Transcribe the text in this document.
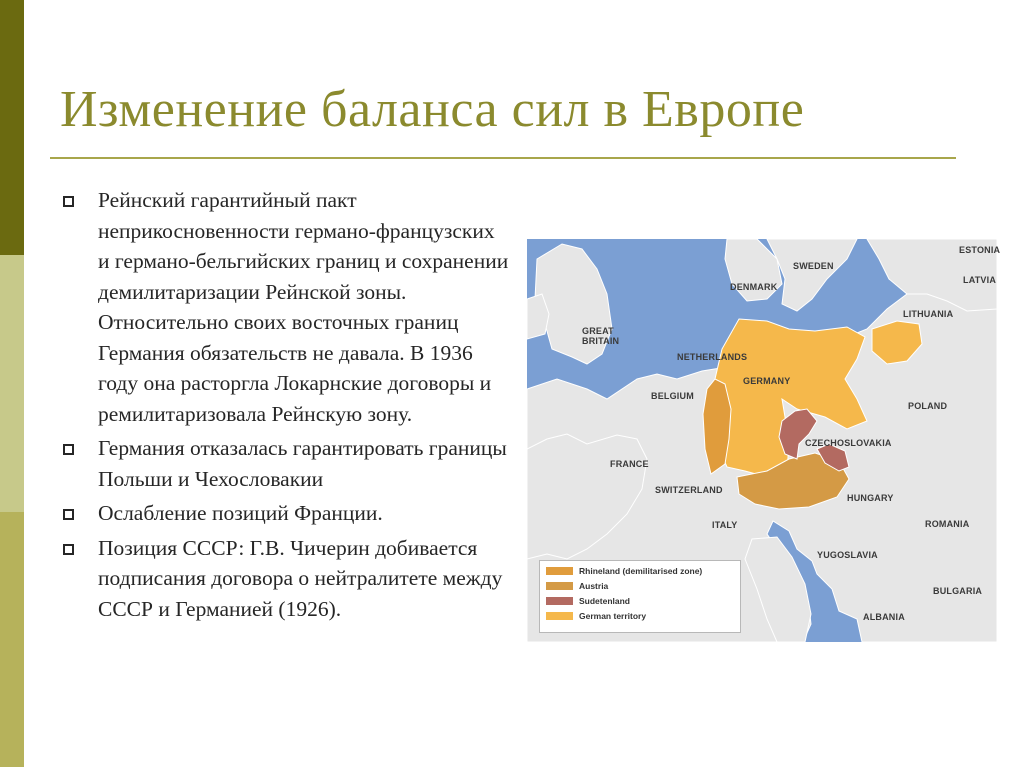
Изменение баланса сил в Европе
Рейнский гарантийный пакт неприкосновенности германо-французских и германо-бельгийских границ и сохранении демилитаризации Рейнской зоны. Относительно своих восточных границ Германия обязательств не давала. В 1936 году она расторгла Локарнские договоры и ремилитаризовала Рейнскую зону.
Германия отказалась гарантировать границы Польши и Чехословакии
Ослабление позиций Франции.
Позиция СССР: Г.В. Чичерин добивается подписания договора о нейтралитете между СССР и Германией (1926).
ESTONIA
LATVIA
SWEDEN
DENMARK
LITHUANIA
GREAT
BRITAIN
NETHERLANDS
GERMANY
BELGIUM
POLAND
CZECHOSLOVAKIA
FRANCE
SWITZERLAND
HUNGARY
ITALY	ROMANIA
YUGOSLAVIA
BULGARIA
ALBANIA
Rhineland (demilitarised zone)
Austria
Sudetenland
German territory
